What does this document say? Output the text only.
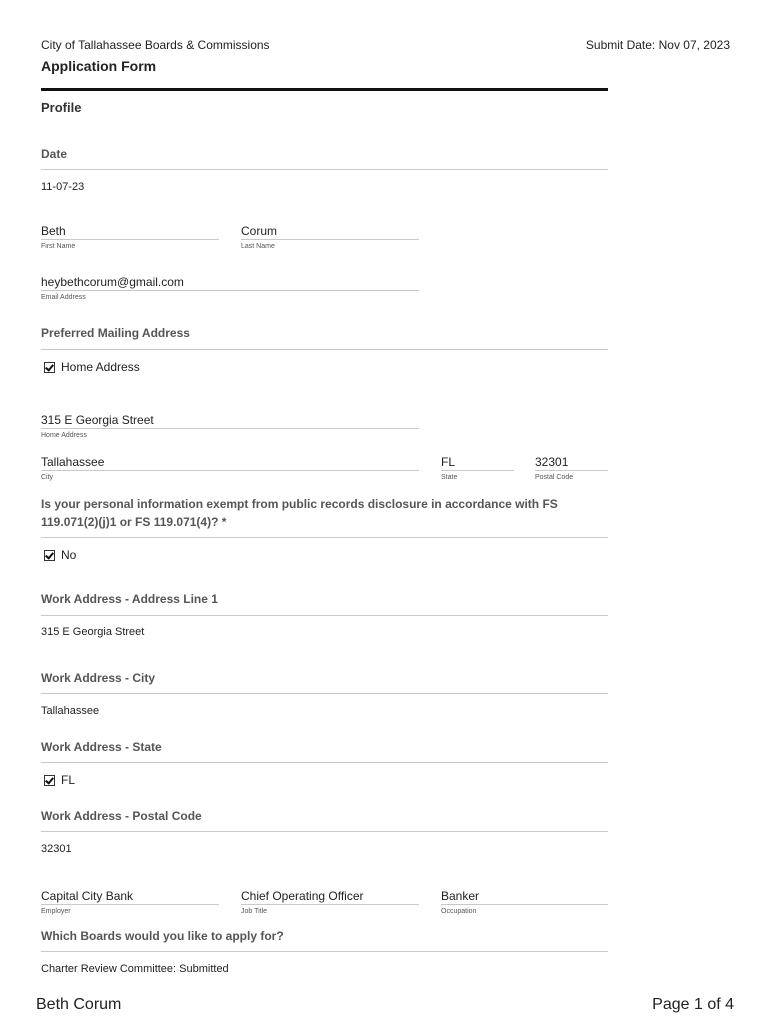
City of Tallahassee Boards & Commissions	Submit Date: Nov 07, 2023
Application Form
Profile
Date
11-07-23
Beth
First Name
Corum
Last Name
heybethcorum@gmail.com
Email Address
Preferred Mailing Address
Home Address
315 E Georgia Street
Home Address
Tallahassee
City
FL
State
32301
Postal Code
Is your personal information exempt from public records disclosure in accordance with FS 119.071(2)(j)1 or FS 119.071(4)? *
No
Work Address - Address Line 1
315 E Georgia Street
Work Address - City
Tallahassee
Work Address - State
FL
Work Address - Postal Code
32301
Capital City Bank
Employer
Chief Operating Officer
Job Title
Banker
Occupation
Which Boards would you like to apply for?
Charter Review Committee: Submitted
Beth Corum	Page 1 of 4
